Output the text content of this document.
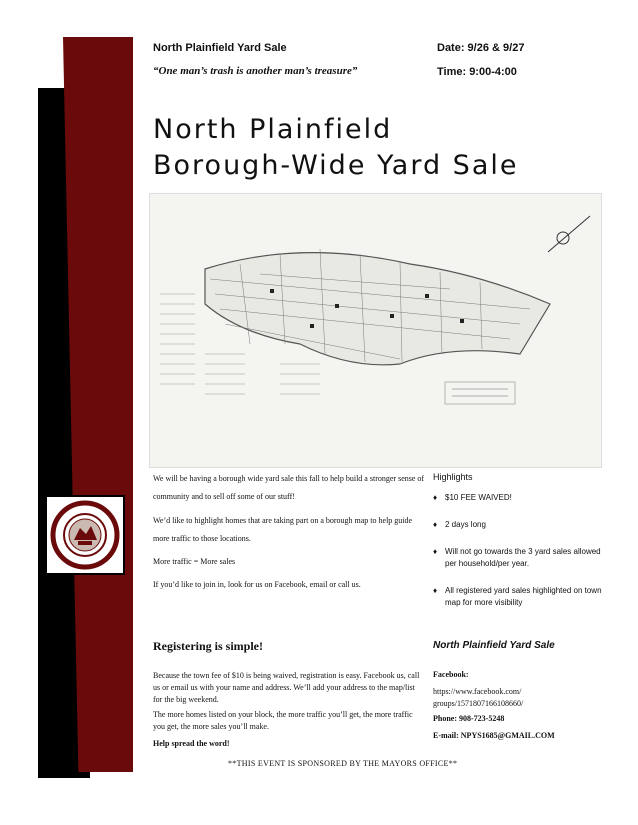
North Plainfield Yard Sale
“One man’s trash is another man’s treasure”
Date: 9/26 & 9/27
Time: 9:00-4:00
North Plainfield
Borough-Wide Yard Sale
We will be having a borough wide yard sale this fall to help build a stronger sense of community and to sell off some of our stuff!
We’d like to highlight homes that are taking part on a borough map to help guide more traffic to those locations.
More traffic = More sales
If you’d like to join in, look for us on Facebook, email or call us.
Highlights
♦ $10 FEE WAIVED!
♦ 2 days long
♦ Will not go towards the 3 yard sales allowed per household/per year.
♦ All registered yard sales highlighted on town map for more visibility
Registering is simple!
Because the town fee of $10 is being waived, registration is easy. Facebook us, call us or email us with your name and address. We’ll add your address to the map/list for the big weekend.
The more homes listed on your block, the more traffic you’ll get, the more traffic you get, the more sales you’ll make.
Help spread the word!
North Plainfield Yard Sale
Facebook:
https://www.facebook.com/
groups/1571807166108660/
Phone: 908-723-5248
E-mail: NPYS1685@GMAIL.COM
**THIS EVENT IS SPONSORED BY THE MAYORS OFFICE**
